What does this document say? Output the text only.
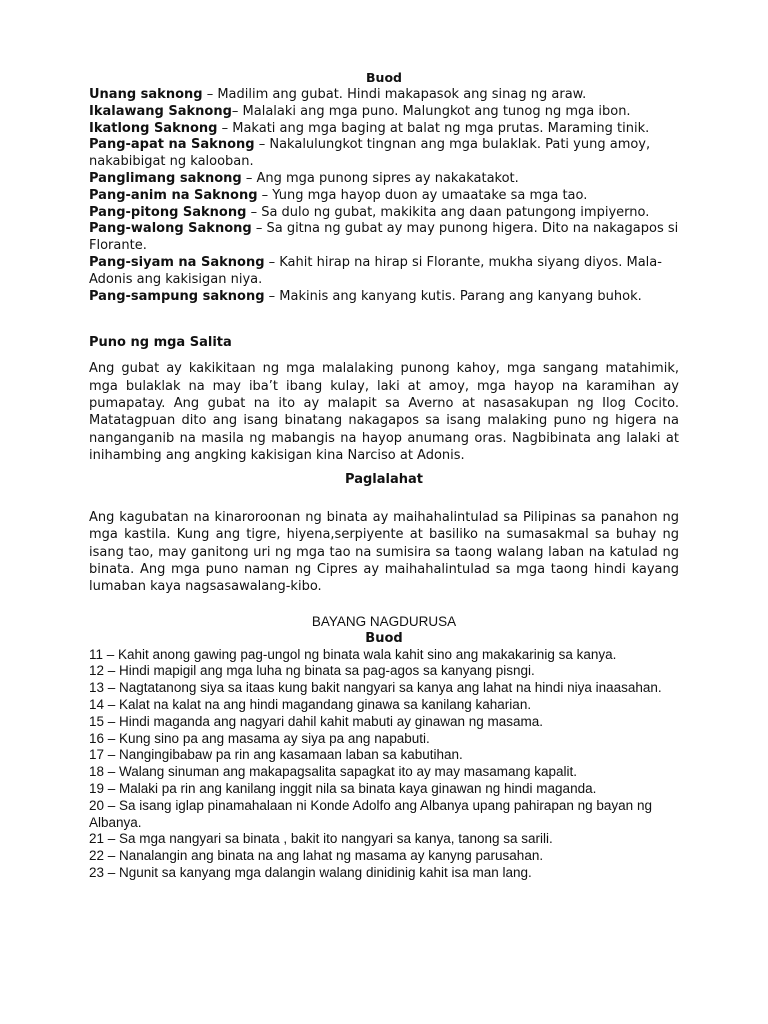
Buod

Unang saknong – Madilim ang gubat. Hindi makapasok ang sinag ng araw.

Ikalawang Saknong– Malalaki ang mga puno. Malungkot ang tunog ng mga ibon.

Ikatlong Saknong – Makati ang mga baging at balat ng mga prutas. Maraming tinik.

Pang-apat na Saknong – Nakalulungkot tingnan ang mga bulaklak. Pati yung amoy, nakabibigat ng kalooban.

Panglimang saknong – Ang mga punong sipres ay nakakatakot.

Pang-anim na Saknong – Yung mga hayop duon ay umaatake sa mga tao.

Pang-pitong Saknong – Sa dulo ng gubat, makikita ang daan patungong impiyerno.

Pang-walong Saknong – Sa gitna ng gubat ay may punong higera. Dito na nakagapos si Florante.

Pang-siyam na Saknong – Kahit hirap na hirap si Florante, mukha siyang diyos. Mala-Adonis ang kakisigan niya.

Pang-sampung saknong – Makinis ang kanyang kutis. Parang ang kanyang buhok.

Puno ng mga Salita

Ang gubat ay kakikitaan ng mga malalaking punong kahoy, mga sangang matahimik, mga bulaklak na may iba’t ibang kulay, laki at amoy, mga hayop na karamihan ay pumapatay. Ang gubat na ito ay malapit sa Averno at nasasakupan ng Ilog Cocito. Matatagpuan dito ang isang binatang nakagapos sa isang malaking puno ng higera na nanganganib na masila ng mabangis na hayop anumang oras. Nagbibinata ang lalaki at inihambing ang angking kakisigan kina Narciso at Adonis.

Paglalahat

Ang kagubatan na kinaroroonan ng binata ay maihahalintulad sa Pilipinas sa panahon ng mga kastila. Kung ang tigre, hiyena,serpiyente at basiliko na sumasakmal sa buhay ng isang tao, may ganitong uri ng mga tao na sumisira sa taong walang laban na katulad ng binata. Ang mga puno naman ng Cipres ay maihahalintulad sa mga taong hindi kayang lumaban kaya nagsasawalang-kibo.

BAYANG NAGDURUSA
Buod

11 – Kahit anong gawing pag-ungol ng binata wala kahit sino ang makakarinig sa kanya.

12 – Hindi mapigil ang mga luha ng binata sa pag-agos sa kanyang pisngi.

13 – Nagtatanong siya sa itaas kung bakit nangyari sa kanya ang lahat na hindi niya inaasahan.

14 – Kalat na kalat na ang hindi magandang ginawa sa kanilang kaharian.

15 – Hindi maganda ang nagyari dahil kahit mabuti ay ginawan ng masama.

16 – Kung sino pa ang masama ay siya pa ang napabuti.

17 – Nangingibabaw pa rin ang kasamaan laban sa kabutihan.

18 – Walang sinuman ang makapagsalita sapagkat ito ay may masamang kapalit.

19 – Malaki pa rin ang kanilang inggit nila sa binata kaya ginawan ng hindi maganda.

20 – Sa isang iglap pinamahalaan ni Konde Adolfo ang Albanya upang pahirapan ng bayan ng Albanya.

21 – Sa mga nangyari sa binata , bakit ito nangyari sa kanya, tanong sa sarili.

22 – Nanalangin ang binata na ang lahat ng masama ay kanyng parusahan.

23 – Ngunit sa kanyang mga dalangin walang dinidinig kahit isa man lang.
